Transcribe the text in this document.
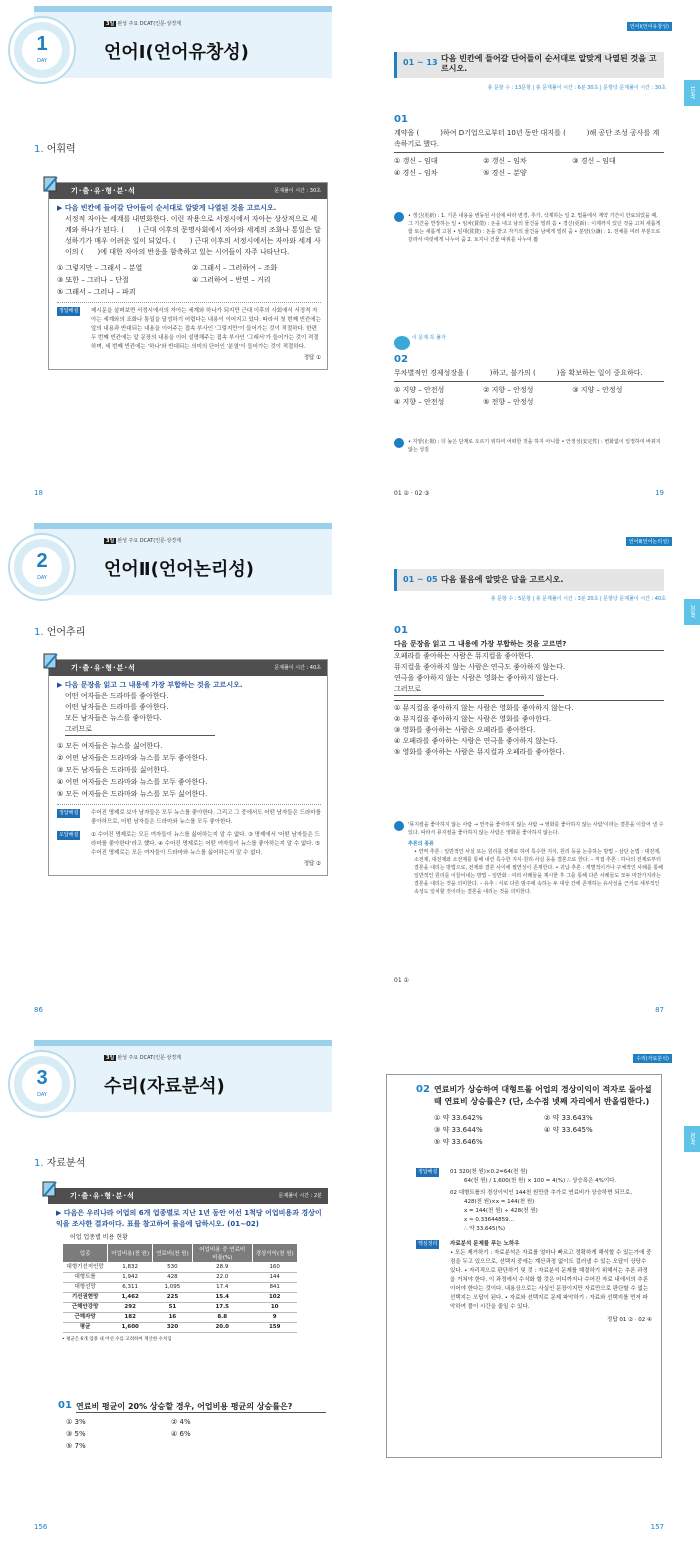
3일 완성 주요 DCAT(인문·상경계
언어Ⅰ(언어유창성)
1
DAY
1. 어휘력
기·출·유·형·분·석	문제풀이 시간 : 30초
▶ 다음 빈칸에 들어갈 단어들이 순서대로 알맞게 나열된 것을 고르시오.
서정적 자아는 세계를 내면화한다. 이런 작용으로 서정시에서 자아는 상상적으로 세계와 하나가 된다. (　　) 근대 이후의 문명사회에서 자아와 세계의 조화나 통일은 달성하기가 매우 어려운 일이 되었다. (　　) 근대 이후의 서정시에서는 자아와 세계 사이의 (　　)에 대한 자아의 반응을 함축하고 있는 시어들이 자주 나타난다.
① 그렇지만 – 그래서 – 분열	② 그래서 – 그러하여 – 조화
③ 또한 – 그러나 – 단절	④ 그러하여 – 반면 – 거리
⑤ 그래서 – 그러나 – 파괴
정답해설	제시문을 살펴보면 서정시에서의 자아는 세계와 하나가 되지만 근대 이후의 사회에서 서정적 자아는 세계와의 조화나 통일을 달성하기 어렵다는 내용이 이어지고 있다. 따라서 첫 번째 빈칸에는 앞의 내용과 반대되는 내용을 이어주는 접속 부사인 '그렇지만'이 들어가는 것이 적절하다. 한편 두 번째 빈칸에는 앞 문장의 내용을 이어 설명해주는 접속 부사인 '그래서'가 들어가는 것이 적절하며, 세 번째 빈칸에는 '하나'와 반대되는 의미의 단어인 '분열'이 들어가는 것이 적절하다.
정답 ①
18
언어Ⅰ(언어유창성)
1DAY
01 ~ 13 다음 빈칸에 들어갈 단어들이 순서대로 알맞게 나열된 것을 고르시오.
총 문항 수 : 13문항 | 총 문제풀이 시간 : 6분 30초 | 문항당 문제풀이 시간 : 30초
01
계약을 (　　　)하여 D기업으로부터 10년 동안 대지를 (　　　)해 공단 조성 공사를 계속하기로 했다.
① 갱신 – 임대	② 갱신 – 임차	③ 경신 – 임대
④ 경신 – 임차	⑤ 경신 – 분양
• 갱신(更新) : 1. 기존 내용을 변동된 사실에 따라 변경, 추가, 삭제하는 일 2. 법률에서 계약 기간이 만료되었을 때, 그 기간을 연장하는 일 • 임차(賃借) : 돈을 내고 남의 물건을 빌려 씀 • 경신(更新) : 이제까지 있던 것을 고쳐 새롭게 함 또는 새롭게 고침 • 임대(賃貸) : 돈을 받고 자기의 물건을 남에게 빌려 줌 • 분양(分讓) : 1. 전체를 여러 부분으로 갈라서 여럿에게 나누어 줌 2. 토지나 건물 따위를 나누어 팖
이 문제 꼭 풀자
02
무차별적인 경제성장을 (　　　)하고, 불가의 (　　　)을 확보하는 일이 중요하다.
① 지양 – 안전성	② 지향 – 안정성	③ 지양 – 안정성
④ 지향 – 안전성	⑤ 전향 – 안정성
• 지양(止揚) : 더 높은 단계로 오르기 위하여 어떠한 것을 하지 아니함 • 안정성(安定性) : 변화없이 일정하여 바뀌지 않는 성질
01 ② · 02 ③	19
3일 완성 주요 DCAT(인문·상경계
언어Ⅱ(언어논리성)
2
DAY
1. 언어추리
기·출·유·형·분·석	문제풀이 시간 : 40초
▶ 다음 문장을 읽고 그 내용에 가장 부합하는 것을 고르시오.
어떤 여자들은 드라마를 좋아한다.
어떤 남자들은 드라마를 좋아한다.
모든 남자들은 뉴스를 좋아한다.
그러므로
① 모든 여자들은 뉴스를 싫어한다.
② 어떤 남자들은 드라마와 뉴스를 모두 좋아한다.
③ 모든 남자들은 드라마를 싫어한다.
④ 어떤 여자들은 드라마와 뉴스를 모두 좋아한다.
⑤ 모든 여자들은 드라마와 뉴스를 모두 싫어한다.
정답해설	수어진 명제로 보아 남자들은 모두 뉴스를 좋아한다. 그리고 그 중에서도 어떤 남자들은 드라마를 좋아하므로, 어떤 남자들은 드라마와 뉴스를 모두 좋아한다.
오답해설	① 수어진 명제로는 모든 여자들이 뉴스를 싫어하는지 알 수 없다. ③ 명제에서 '어떤 남자들은 드라마를 좋아한다'라고 했다. ④ 수어진 명제로는 어떤 여자들이 뉴스를 좋아하는지 알 수 없다. ⑤ 수어진 명제로는 모든 여자들이 드라마와 뉴스를 싫어하는지 알 수 없다.
정답 ②
86
언어Ⅱ(언어논리성)
2DAY
01 ~ 05 다음 물음에 알맞은 답을 고르시오.
총 문항 수 : 5문항 | 총 문제풀이 시간 : 3분 20초 | 문항당 문제풀이 시간 : 40초
01
다음 문장을 읽고 그 내용에 가장 부합하는 것을 고르면?
오페라를 좋아하는 사람은 뮤지컬을 좋아한다.
뮤지컬을 좋아하지 않는 사람은 연극도 좋아하지 않는다.
연극을 좋아하지 않는 사람은 영화는 좋아하지 않는다.
그러므로
① 뮤지컬을 좋아하지 않는 사람은 영화를 좋아하지 않는다.
② 뮤지컬을 좋아하지 않는 사람은 영화를 좋아한다.
③ 영화를 좋아하는 사람은 오페라를 좋아한다.
④ 오페라를 좋아하는 사람은 연극을 좋아하지 않는다.
⑤ 영화를 좋아하는 사람은 뮤지컬과 오페라를 좋아한다.
'뮤지컬을 좋아하지 않는 사람 → 연극을 좋아하지 않는 사람 → 영화를 좋아하지 않는 사람'이라는 결론을 이끌어 낼 수 있다. 따라서 뮤지컬을 좋아하지 않는 사람은 영화를 좋아하지 않는다.
추론의 종류
• 연역 추론 : 일반적인 사실 또는 원리를 전제로 하여 특수한 지식, 원리 등을 논증하는 방법 – 삼단 논법 : 대전제, 소전제, 대전제와 소전제를 통해 내린 특수한 지식·원리·사실 등을 결론으로 한다. – 직접 추론 : 하나의 전제로부터 결론을 내리는 방법으로, 전제와 결론 사이에 필연성이 존재한다. • 귀납 추론 : 개별적이거나 구체적인 사례를 통해 일반적인 원리를 이끌어내는 방법 – 일반화 : 여러 사례들을 제시한 후 그를 통해 다른 사례들도 모두 마찬가지라는 결론을 내리는 것을 의미한다. – 유추 : 서로 다른 범주에 속하는 두 대상 간에 존재하는 유사성을 근거로 세부적인 속성도 일치할 것이라는 결론을 내리는 것을 의미한다.
01 ①
87
3일 완성 주요 DCAT(인문·상경계
수리(자료분석)
3
DAY
1. 자료분석
기·출·유·형·분·석	문제풀이 시간 : 2분
▶ 다음은 우리나라 어업의 6개 업종별로 지난 1년 동안 어선 1척당 어업비용과 경상이익을 조사한 결과이다. 표를 참고하여 물음에 답하시오. (01~02)
어업 업종별 비용 현황
업종	어업비용(천 원)	연료비(천 원)	어업비용 중 연료비 비율(%)	경상이익(천 원)
대형기선저인망	1,832	530	28.9	160
대형트롤	1,942	428	22.0	144
대형선망	6,311	1,095	17.4	841
기선권현망	1,462	225	15.4	102
근해안강망	292	51	17.5	10
근해자망	182	16	8.8	9
평균	1,600	320	20.0	159
• 평균은 6개 업종 내 어선 수를 고려하여 계산한 수치임
01 연료비 평균이 20% 상승할 경우, 어업비용 평균의 상승률은?
① 3%	② 4%
③ 5%	④ 6%
⑤ 7%
156
수리(자료분석)
3DAY
02 연료비가 상승하여 대형트롤 어업의 경상이익이 적자로 돌아설 때 연료비 상승률은? (단, 소수점 넷째 자리에서 반올림한다.)
① 약 33.642%	② 약 33.643%
③ 약 33.644%	④ 약 33.645%
⑤ 약 33.646%
정답해설	01 320(천 원)×0.2=64(천 원)
64(천 원) / 1,600(천 원) × 100 = 4(%) ∴ 상승폭은 4%이다.
02 대형트롤의 경상이익인 144천 원만큼 추가로 연료비가 상승하면 되므로,
428(천 원)×x = 144(천 원)
x = 144(천 원) ÷ 428(천 원)
x ≈ 0.33644859…
∴ 약 33.645(%)
핵심정리	자료분석 문제를 푸는 노하우
• 모든 제거하기 : 자료분석은 자료를 얼마나 빠르고 정확하게 해석할 수 있는가에 중점을 두고 있으므로, 선택지 중에는 계산과정 없이도 걸러낼 수 있는 오답이 상당수 있다. • 자리적으로 판단하기 및 것 : 자료분석 문제를 해결하기 위해서는 추론 과정을 거쳐야 한다. 이 과정에서 수식화 할 것은 어디까지나 수어진 자료 내에서의 추론이어야 한다는 것이다. 내용상으로는 사실인 문장이지만 자료만으로 판단할 수 없는 선택지는 오답이 된다. • 자료와 선택지로 문제 파악하기 : 자료와 선택지를 먼저 파악하여 풀이 시간을 줄일 수 있다.
정답 01 ② · 02 ④
157
